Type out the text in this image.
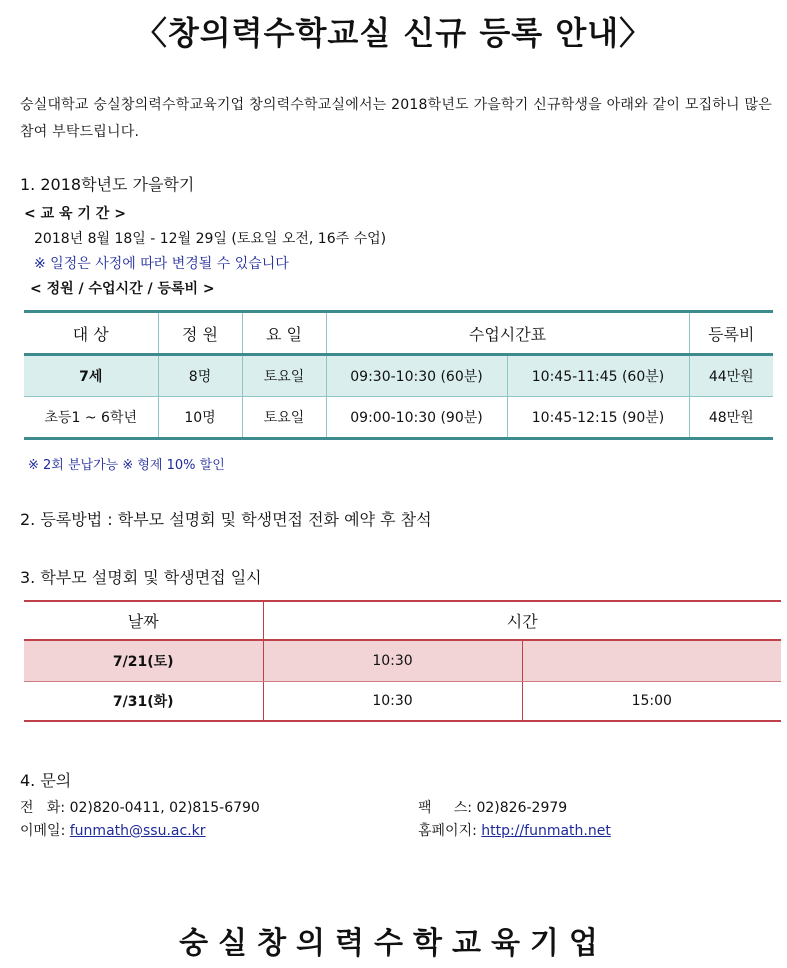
〈창의력수학교실 신규 등록 안내〉
숭실대학교 숭실창의력수학교육기업 창의력수학교실에서는 2018학년도 가을학기 신규학생을 아래와 같이 모집하니 많은 참여 부탁드립니다.
1. 2018학년도 가을학기
< 교 육 기 간 >
2018년 8월 18일 - 12월 29일 (토요일 오전, 16주 수업)
※ 일정은 사정에 따라 변경될 수 있습니다
< 정원 / 수업시간 / 등록비 >
대 상	정 원	요 일	수업시간표		등록비
7세	8명	토요일	09:30-10:30 (60분)	10:45-11:45 (60분)	44만원
초등1 ~ 6학년	10명	토요일	09:00-10:30 (90분)	10:45-12:15 (90분)	48만원
※ 2회 분납가능 ※ 형제 10% 할인
2. 등록방법 : 학부모 설명회 및 학생면접 전화 예약 후 참석
3. 학부모 설명회 및 학생면접 일시
날짜	시간	
7/21(토)	10:30	
7/31(화)	10:30	15:00
4. 문의
전   화: 02)820-0411, 02)815-6790	팩     스: 02)826-2979
이메일: funmath@ssu.ac.kr	홈페이지: http://funmath.net
숭실창의력수학교육기업
